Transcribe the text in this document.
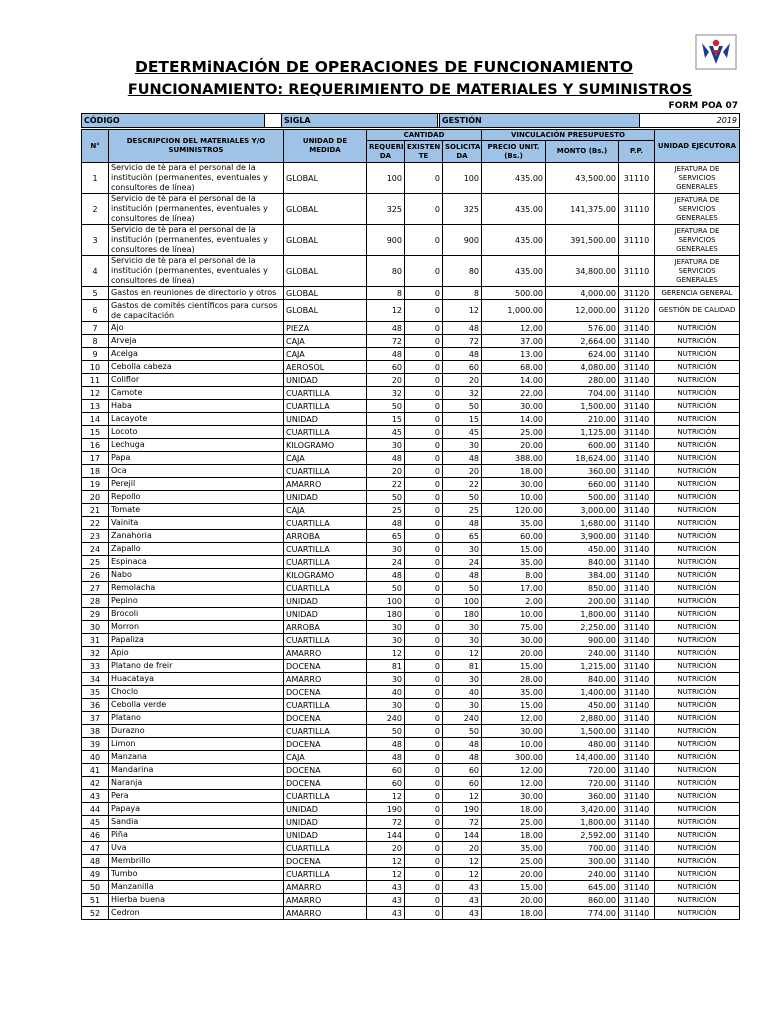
DETERMiNACIÓN DE OPERACIONES DE FUNCIONAMIENTO
FUNCIONAMIENTO: REQUERIMIENTO DE MATERIALES Y SUMINISTROS
FORM POA 07
CÓDIGO		SIGLA		GESTIÓN	2019
N°	DESCRIPCION DEL MATERIALES Y/O SUMINISTROS	UNIDAD DE MEDIDA	CANTIDAD			VINCULACIÓN PRESUPUESTO			UNIDAD EJECUTORA
			REQUERI DA	EXISTEN TE	SOLICITA DA	PRECIO UNIT. (Bs.)	MONTO (Bs.)	P.P.	
1	Servicio de tè para el personal de la institución (permanentes, eventuales y consultores de línea)	GLOBAL	100	0	100	435.00	43,500.00	31110	JEFATURA DE SERVICIOS GENERALES
2	Servicio de tè para el personal de la institución (permanentes, eventuales y consultores de línea)	GLOBAL	325	0	325	435.00	141,375.00	31110	JEFATURA DE SERVICIOS GENERALES
3	Servicio de tè para el personal de la institución (permanentes, eventuales y consultores de línea)	GLOBAL	900	0	900	435.00	391,500.00	31110	JEFATURA DE SERVICIOS GENERALES
4	Servicio de tè para el personal de la institución (permanentes, eventuales y consultores de línea)	GLOBAL	80	0	80	435.00	34,800.00	31110	JEFATURA DE SERVICIOS GENERALES
5	Gastos en reuniones de directorio y otros	GLOBAL	8	0	8	500.00	4,000.00	31120	GERENCIA GENERAL
6	Gastos de comités científicos para cursos de capacitación	GLOBAL	12	0	12	1,000.00	12,000.00	31120	GESTIÓN DE CALIDAD
7	Ajo	PIEZA	48	0	48	12.00	576.00	31140	NUTRICIÓN
8	Arveja	CAJA	72	0	72	37.00	2,664.00	31140	NUTRICIÓN
9	Acelga	CAJA	48	0	48	13.00	624.00	31140	NUTRICIÓN
10	Cebolla cabeza	AEROSOL	60	0	60	68.00	4,080.00	31140	NUTRICIÓN
11	Coliflor	UNIDAD	20	0	20	14.00	280.00	31140	NUTRICIÓN
12	Camote	CUARTILLA	32	0	32	22.00	704.00	31140	NUTRICIÓN
13	Haba	CUARTILLA	50	0	50	30.00	1,500.00	31140	NUTRICIÓN
14	Lacayote	UNIDAD	15	0	15	14.00	210.00	31140	NUTRICIÓN
15	Locoto	CUARTILLA	45	0	45	25.00	1,125.00	31140	NUTRICIÓN
16	Lechuga	KILOGRAMO	30	0	30	20.00	600.00	31140	NUTRICIÓN
17	Papa	CAJA	48	0	48	388.00	18,624.00	31140	NUTRICIÓN
18	Oca	CUARTILLA	20	0	20	18.00	360.00	31140	NUTRICIÓN
19	Perejil	AMARRO	22	0	22	30.00	660.00	31140	NUTRICIÓN
20	Repollo	UNIDAD	50	0	50	10.00	500.00	31140	NUTRICIÓN
21	Tomate	CAJA	25	0	25	120.00	3,000.00	31140	NUTRICIÓN
22	Vainita	CUARTILLA	48	0	48	35.00	1,680.00	31140	NUTRICIÓN
23	Zanahoria	ARROBA	65	0	65	60.00	3,900.00	31140	NUTRICIÓN
24	Zapallo	CUARTILLA	30	0	30	15.00	450.00	31140	NUTRICIÓN
25	Espinaca	CUARTILLA	24	0	24	35.00	840.00	31140	NUTRICIÓN
26	Nabo	KILOGRAMO	48	0	48	8.00	384.00	31140	NUTRICIÓN
27	Remolacha	CUARTILLA	50	0	50	17.00	850.00	31140	NUTRICIÓN
28	Pepino	UNIDAD	100	0	100	2.00	200.00	31140	NUTRICIÓN
29	Brocoli	UNIDAD	180	0	180	10.00	1,800.00	31140	NUTRICIÓN
30	Morron	ARROBA	30	0	30	75.00	2,250.00	31140	NUTRICIÓN
31	Papaliza	CUARTILLA	30	0	30	30.00	900.00	31140	NUTRICIÓN
32	Apio	AMARRO	12	0	12	20.00	240.00	31140	NUTRICIÓN
33	Platano de freir	DOCENA	81	0	81	15.00	1,215.00	31140	NUTRICIÓN
34	Huacataya	AMARRO	30	0	30	28.00	840.00	31140	NUTRICIÓN
35	Choclo	DOCENA	40	0	40	35.00	1,400.00	31140	NUTRICIÓN
36	Cebolla verde	CUARTILLA	30	0	30	15.00	450.00	31140	NUTRICIÓN
37	Platano	DOCENA	240	0	240	12.00	2,880.00	31140	NUTRICIÓN
38	Durazno	CUARTILLA	50	0	50	30.00	1,500.00	31140	NUTRICIÓN
39	Limon	DOCENA	48	0	48	10.00	480.00	31140	NUTRICIÓN
40	Manzana	CAJA	48	0	48	300.00	14,400.00	31140	NUTRICIÓN
41	Mandarina	DOCENA	60	0	60	12.00	720.00	31140	NUTRICIÓN
42	Naranja	DOCENA	60	0	60	12.00	720.00	31140	NUTRICIÓN
43	Pera	CUARTILLA	12	0	12	30.00	360.00	31140	NUTRICIÓN
44	Papaya	UNIDAD	190	0	190	18.00	3,420.00	31140	NUTRICIÓN
45	Sandia	UNIDAD	72	0	72	25.00	1,800.00	31140	NUTRICIÓN
46	Piña	UNIDAD	144	0	144	18.00	2,592.00	31140	NUTRICIÓN
47	Uva	CUARTILLA	20	0	20	35.00	700.00	31140	NUTRICIÓN
48	Membrillo	DOCENA	12	0	12	25.00	300.00	31140	NUTRICIÓN
49	Tumbo	CUARTILLA	12	0	12	20.00	240.00	31140	NUTRICIÓN
50	Manzanilla	AMARRO	43	0	43	15.00	645.00	31140	NUTRICIÓN
51	Hierba buena	AMARRO	43	0	43	20.00	860.00	31140	NUTRICIÓN
52	Cedron	AMARRO	43	0	43	18.00	774.00	31140	NUTRICIÓN
